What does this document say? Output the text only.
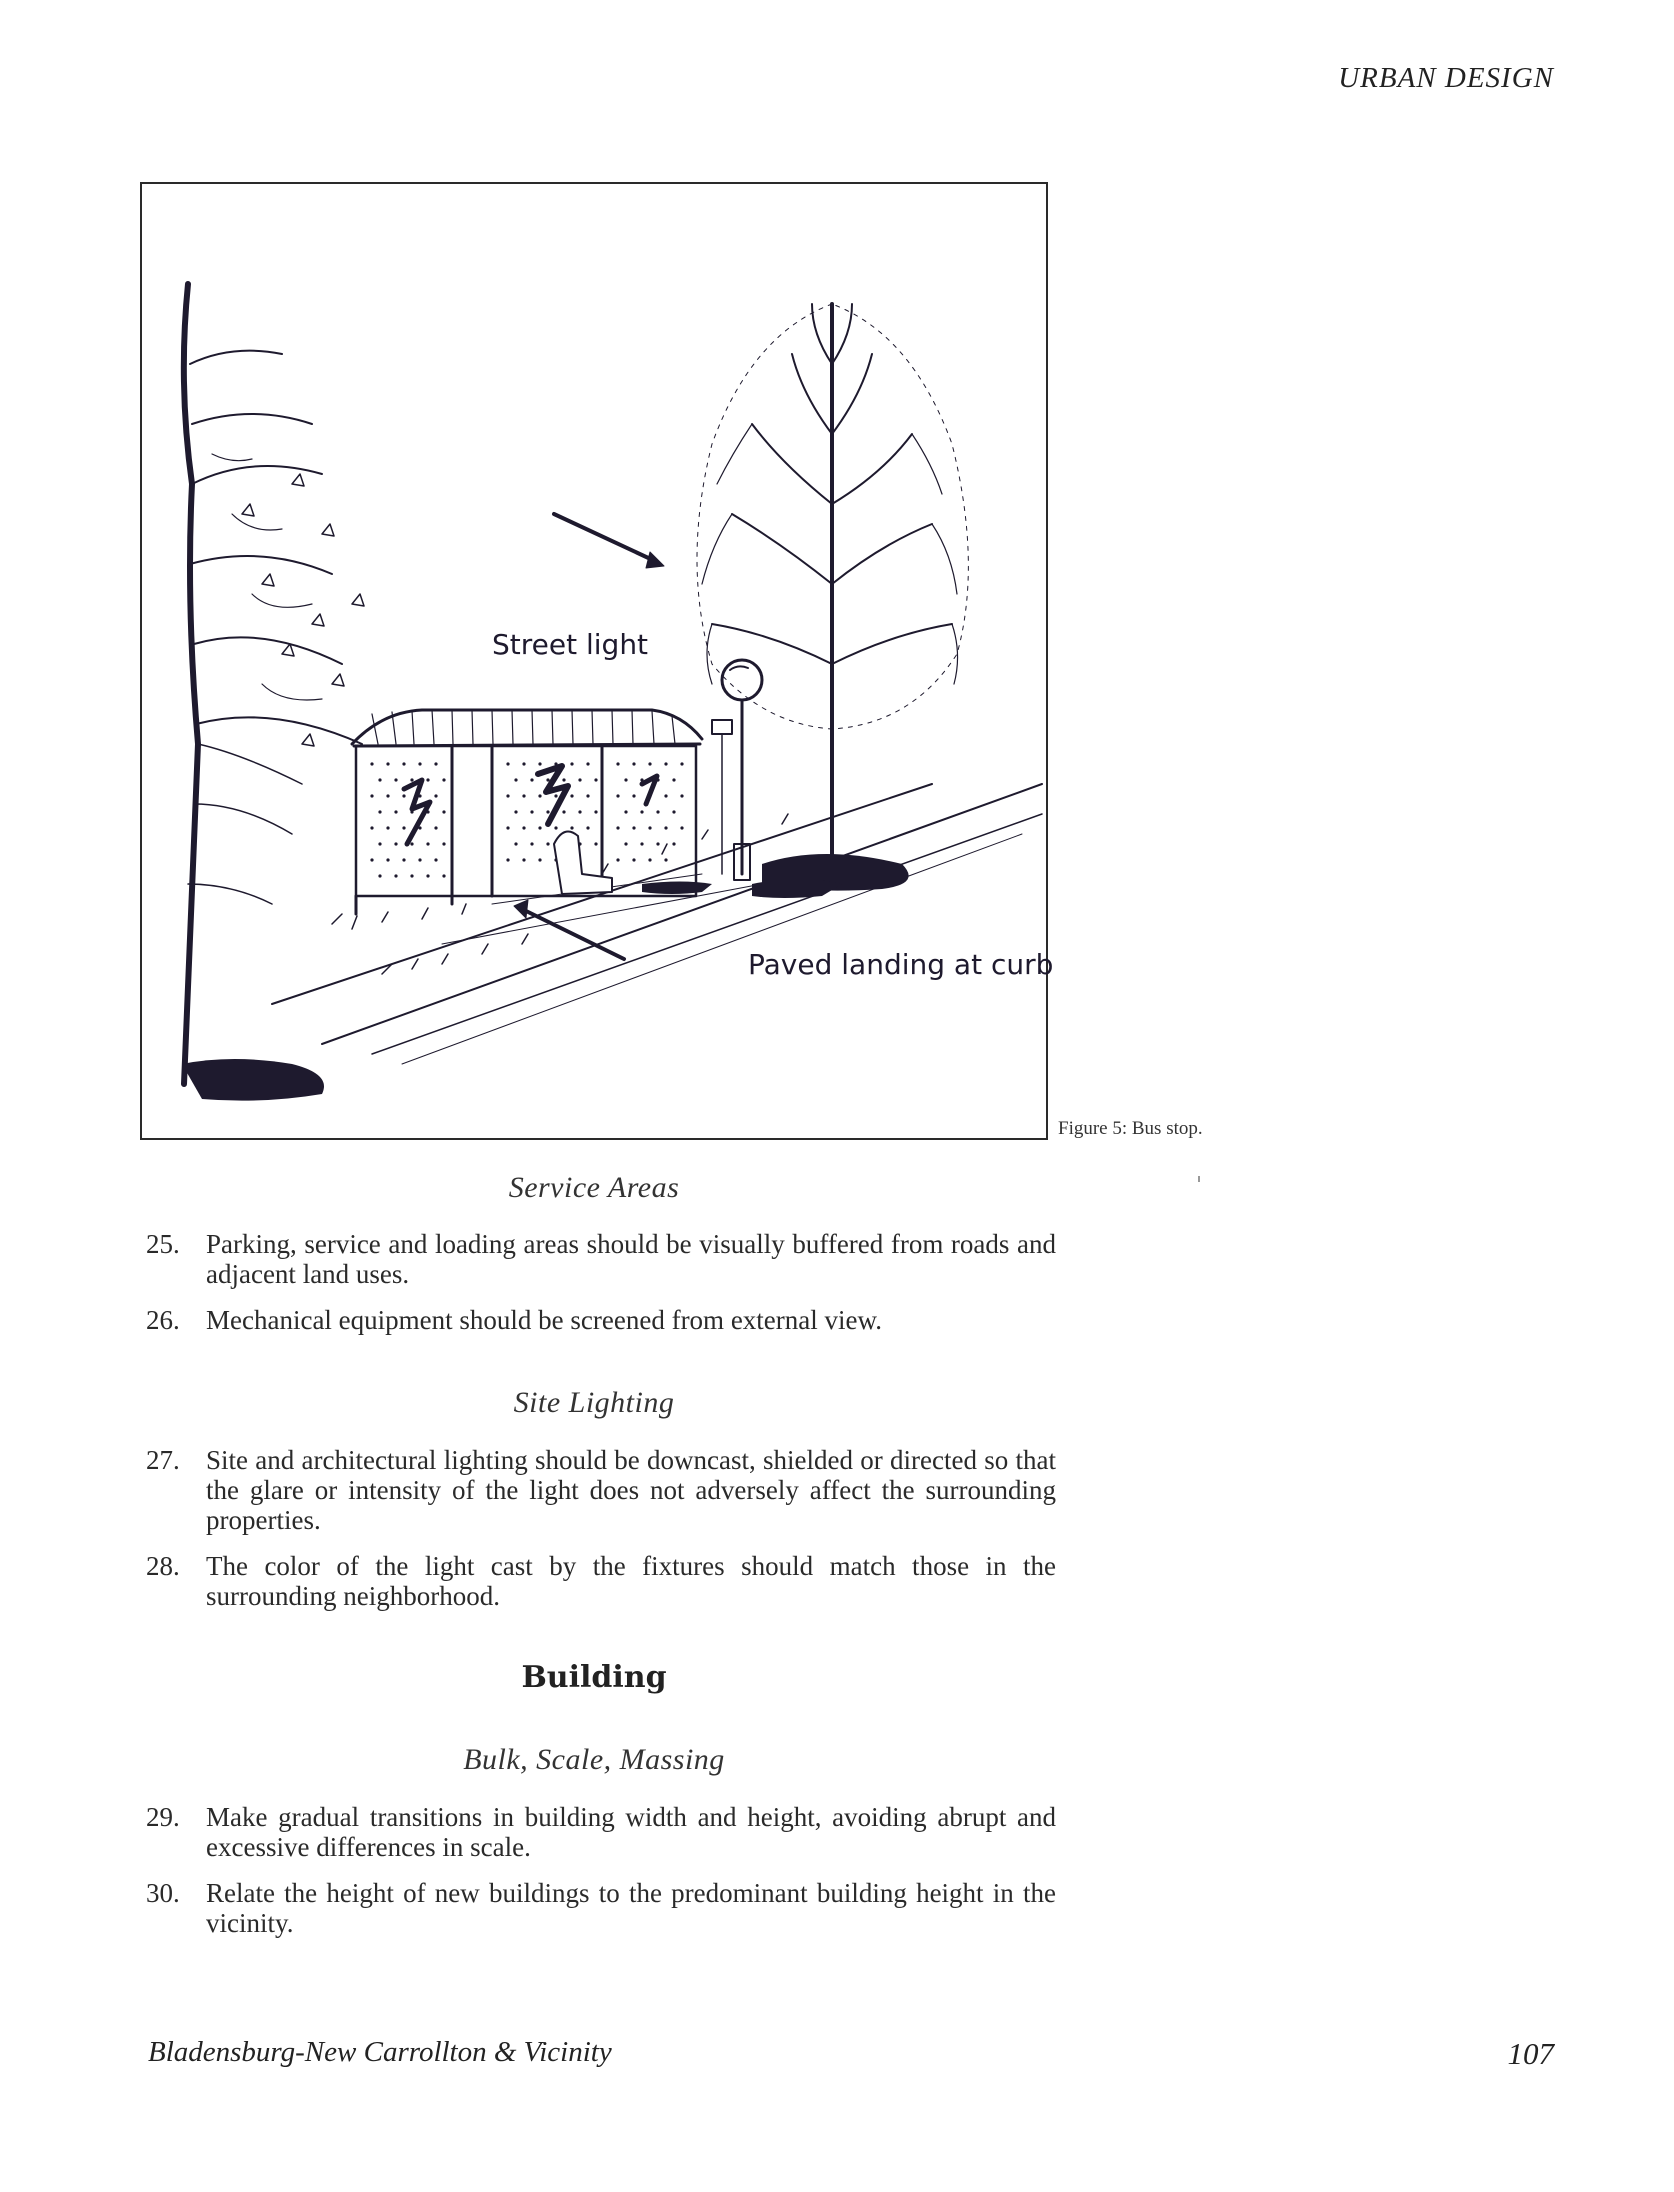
URBAN DESIGN
Street light
Paved landing at curb
Figure 5: Bus stop.
Service Areas
25. Parking, service and loading areas should be visually buffered from roads and adjacent land uses.
26. Mechanical equipment should be screened from external view.
Site Lighting
27. Site and architectural lighting should be downcast, shielded or directed so that the glare or intensity of the light does not adversely affect the surrounding properties.
28. The color of the light cast by the fixtures should match those in the surrounding neighborhood.
Building
Bulk, Scale, Massing
29. Make gradual transitions in building width and height, avoiding abrupt and excessive differences in scale.
30. Relate the height of new buildings to the predominant building height in the vicinity.
Bladensburg-New Carrollton & Vicinity	107
